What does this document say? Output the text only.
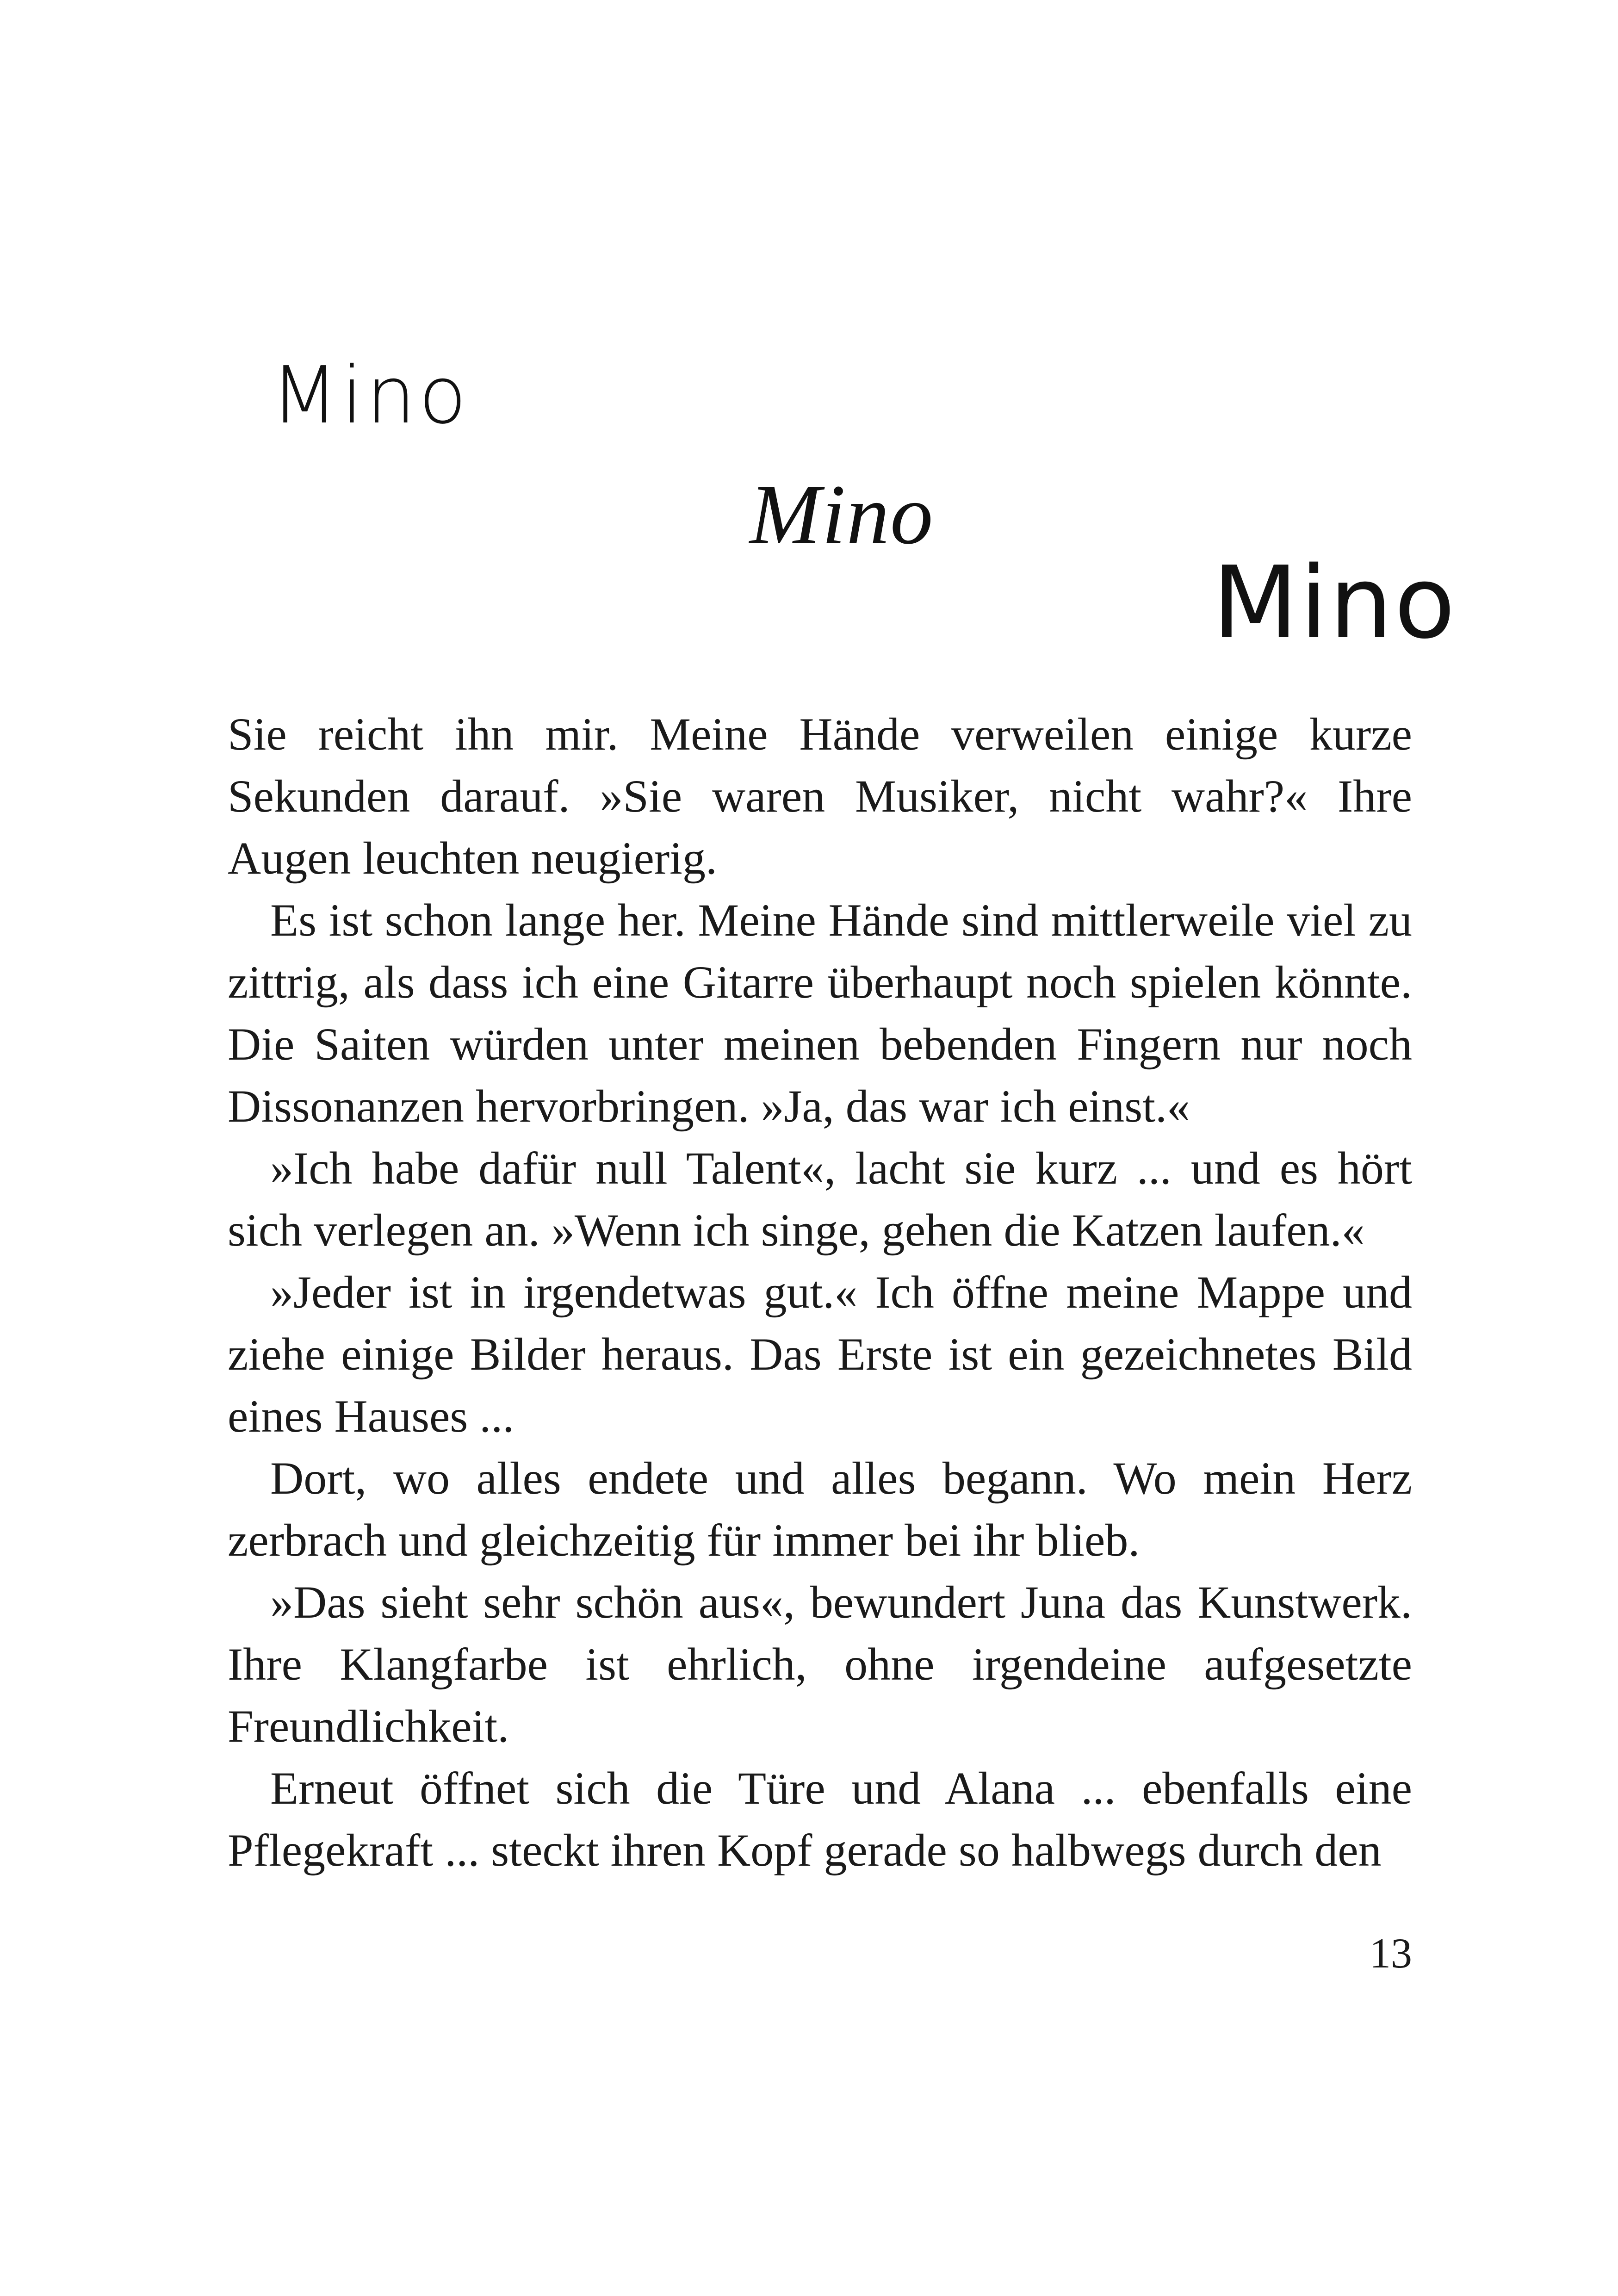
Mino
Mino
Mino

Sie reicht ihn mir. Meine Hände verweilen einige kurze Sekunden darauf. »Sie waren Musiker, nicht wahr?« Ihre Augen leuchten neugierig.

Es ist schon lange her. Meine Hände sind mittlerweile viel zu zittrig, als dass ich eine Gitarre überhaupt noch spielen könnte. Die Saiten würden unter meinen bebenden Fingern nur noch Dissonanzen hervorbringen. »Ja, das war ich einst.«

»Ich habe dafür null Talent«, lacht sie kurz ... und es hört sich verlegen an. »Wenn ich singe, gehen die Katzen laufen.«

»Jeder ist in irgendetwas gut.« Ich öffne meine Mappe und ziehe einige Bilder heraus. Das Erste ist ein gezeichnetes Bild eines Hauses ...

Dort, wo alles endete und alles begann. Wo mein Herz zerbrach und gleichzeitig für immer bei ihr blieb.

»Das sieht sehr schön aus«, bewundert Juna das Kunstwerk. Ihre Klangfarbe ist ehrlich, ohne irgendeine aufgesetzte Freundlichkeit.

Erneut öffnet sich die Türe und Alana ... ebenfalls eine Pflegekraft ... steckt ihren Kopf gerade so halbwegs durch den

13
